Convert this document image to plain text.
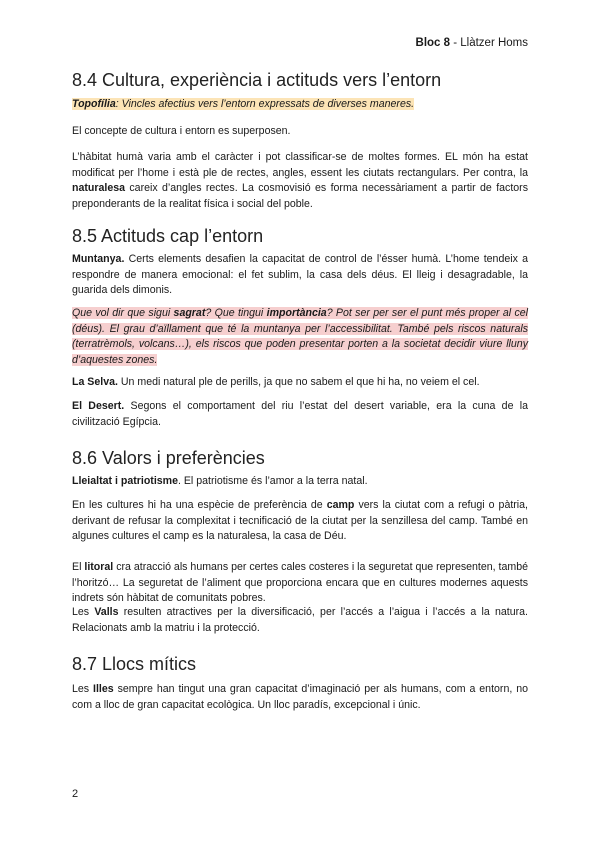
Bloc 8 - Llàtzer Homs
8.4 Cultura, experiència i actituds vers l’entorn

Topofília: Vincles afectius vers l’entorn expressats de diverses maneres.

El concepte de cultura i entorn es superposen.

L’hàbitat humà varia amb el caràcter i pot classificar-se de moltes formes. EL món ha estat modificat per l’home i està ple de rectes, angles, essent les ciutats rectangulars. Per contra, la naturalesa careix d’angles rectes. La cosmovisió es forma necessàriament a partir de factors preponderants de la realitat física i social del poble.

8.5 Actituds cap l’entorn

Muntanya. Certs elements desafien la capacitat de control de l’ésser humà. L’home tendeix a respondre de manera emocional: el fet sublim, la casa dels déus. El lleig i desagradable, la guarida dels dimonis.

Que vol dir que sigui sagrat? Que tingui importància? Pot ser per ser el punt més proper al cel (déus). El grau d’aïllament que té la muntanya per l’accessibilitat. També pels riscos naturals (terratrèmols, volcans…), els riscos que poden presentar porten a la societat decidir viure lluny d’aquestes zones.

La Selva. Un medi natural ple de perills, ja que no sabem el que hi ha, no veiem el cel.

El Desert. Segons el comportament del riu l’estat del desert variable, era la cuna de la civilització Egípcia.

8.6 Valors i preferències

Lleialtat i patriotisme. El patriotisme és l’amor a la terra natal.

En les cultures hi ha una espècie de preferència de camp vers la ciutat com a refugi o pàtria, derivant de refusar la complexitat i tecnificació de la ciutat per la senzillesa del camp. També en algunes cultures el camp es la naturalesa, la casa de Déu.

El litoral cra atracció als humans per certes cales costeres i la seguretat que representen, també l’horitzó… La seguretat de l’aliment que proporciona encara que en cultures modernes aquests indrets són hàbitat de comunitats pobres.

Les Valls resulten atractives per la diversificació, per l’accés a l’aigua i l’accés a la natura. Relacionats amb la matriu i la protecció.

8.7 Llocs mítics

Les Illes sempre han tingut una gran capacitat d’imaginació per als humans, com a entorn, no com a lloc de gran capacitat ecològica. Un lloc paradís, excepcional i únic.

2
